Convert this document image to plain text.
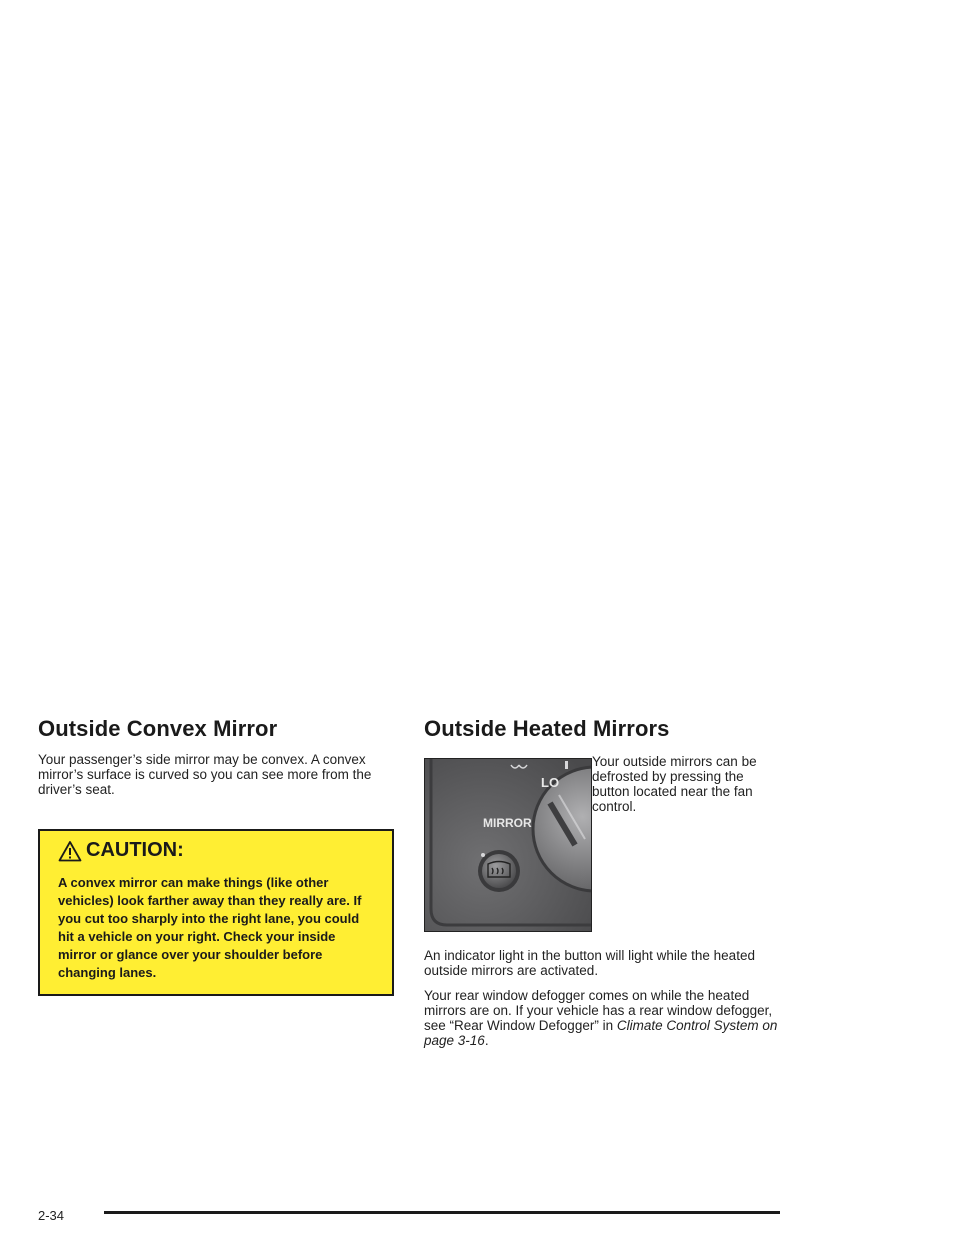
Outside Convex Mirror

Your passenger’s side mirror may be convex. A convex mirror’s surface is curved so you can see more from the driver’s seat.

CAUTION:
A convex mirror can make things (like other vehicles) look farther away than they really are. If you cut too sharply into the right lane, you could hit a vehicle on your right. Check your inside mirror or glance over your shoulder before changing lanes.
Outside Heated Mirrors
MIRROR
LO

Your outside mirrors can be defrosted by pressing the button located near the fan control.

An indicator light in the button will light while the heated outside mirrors are activated.

Your rear window defogger comes on while the heated mirrors are on. If your vehicle has a rear window defogger, see “Rear Window Defogger” in Climate Control System on page 3-16.

2-34
